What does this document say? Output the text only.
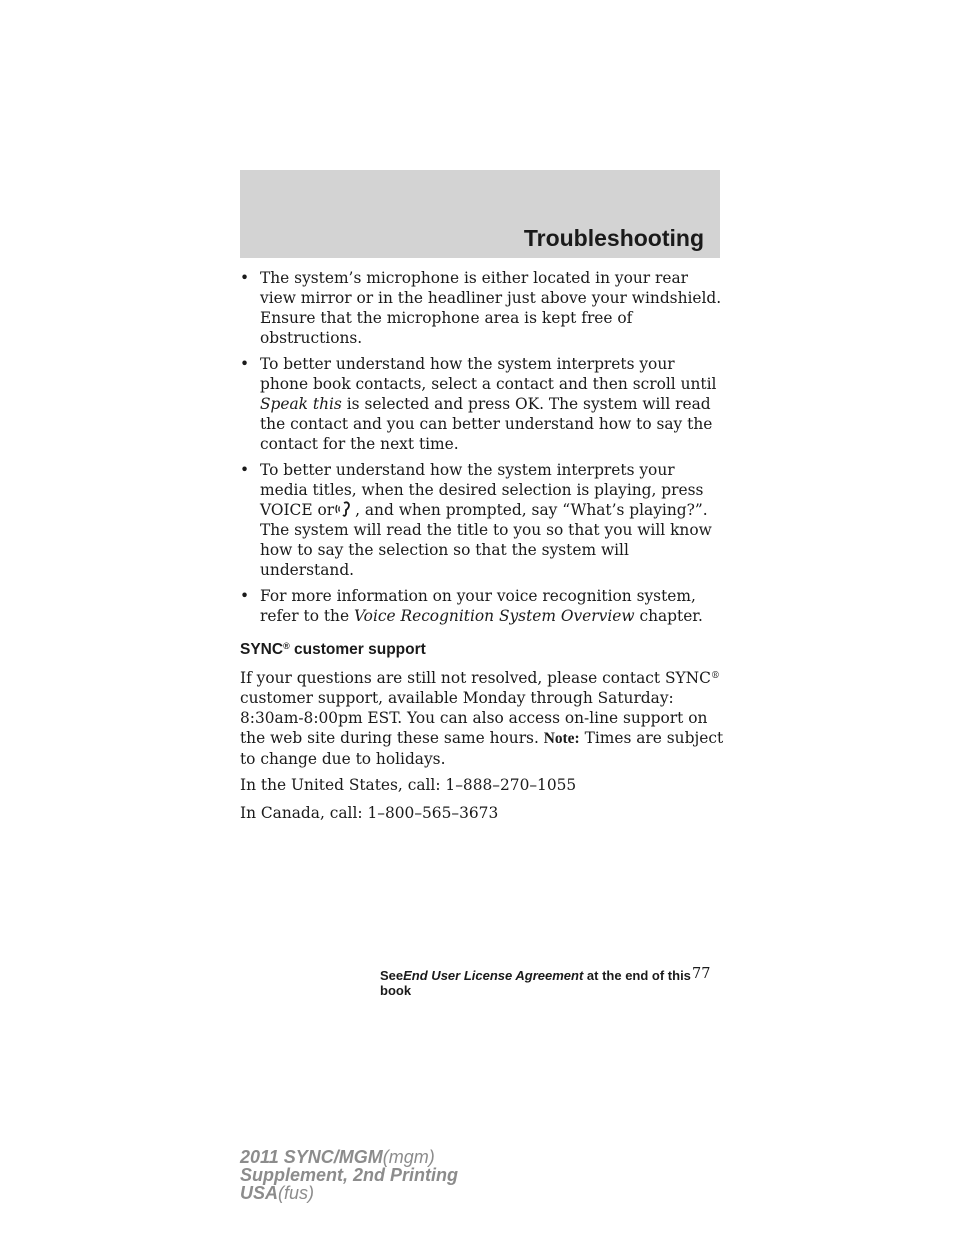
Troubleshooting
• The system’s microphone is either located in your rear view mirror or in the headliner just above your windshield. Ensure that the microphone area is kept free of obstructions.
• To better understand how the system interprets your phone book contacts, select a contact and then scroll until Speak this is selected and press OK. The system will read the contact and you can better understand how to say the contact for the next time.
• To better understand how the system interprets your media titles, when the desired selection is playing, press VOICE or , and when prompted, say “What’s playing?”. The system will read the title to you so that you will know how to say the selection so that the system will understand.
• For more information on your voice recognition system, refer to the Voice Recognition System Overview chapter.
SYNC® customer support
If your questions are still not resolved, please contact SYNC® customer support, available Monday through Saturday: 8:30am-8:00pm EST. You can also access on-line support on the web site during these same hours. Note: Times are subject to change due to holidays.
In the United States, call: 1–888–270–1055
In Canada, call: 1–800–565–3673
SeeEnd User License Agreement at the end of this book
77
2011 SYNC/MGM(mgm)
Supplement, 2nd Printing
USA(fus)
